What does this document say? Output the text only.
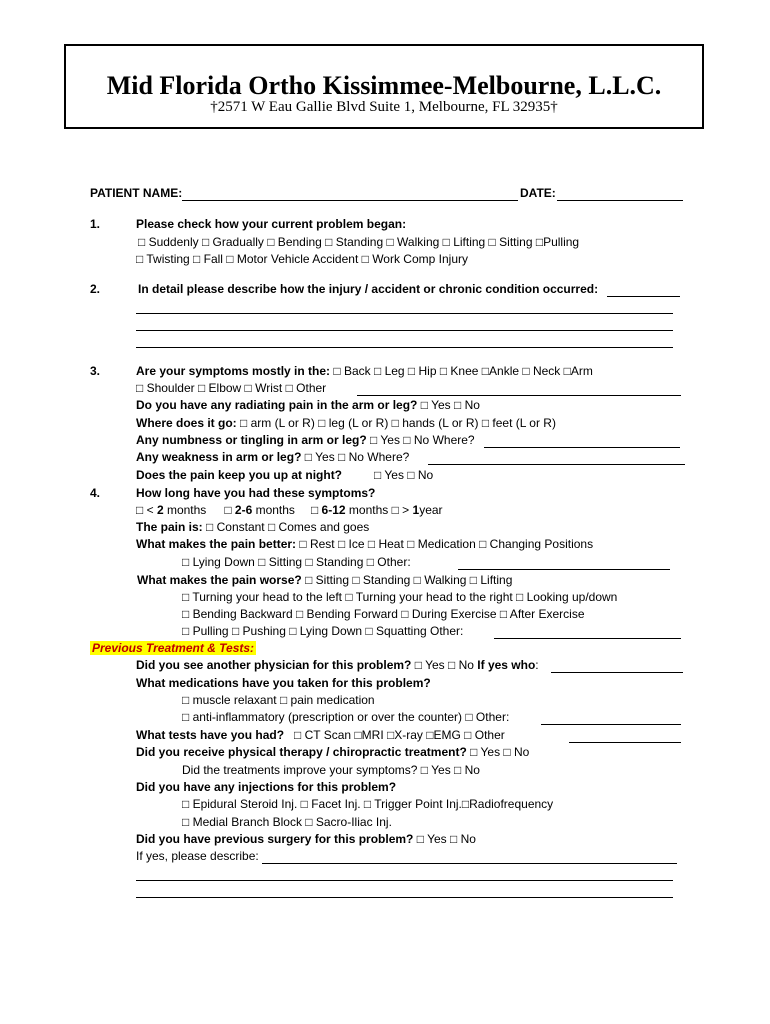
Mid Florida Ortho Kissimmee-Melbourne, L.L.C.
†2571 W Eau Gallie Blvd Suite 1, Melbourne, FL 32935†
PATIENT NAME:	DATE:
1.	Please check how your current problem began:
□ Suddenly □ Gradually □ Bending □ Standing □ Walking □ Lifting □ Sitting □Pulling
□ Twisting □ Fall □ Motor Vehicle Accident □ Work Comp Injury
2.	In detail please describe how the injury / accident or chronic condition occurred:
3.	Are your symptoms mostly in the: □ Back □ Leg □ Hip □ Knee □Ankle □ Neck □Arm
□ Shoulder □ Elbow □ Wrist □ Other
Do you have any radiating pain in the arm or leg? □ Yes □ No
Where does it go: □ arm (L or R) □ leg (L or R) □ hands (L or R) □ feet (L or R)
Any numbness or tingling in arm or leg? □ Yes □ No Where?
Any weakness in arm or leg? □ Yes □ No Where?
Does the pain keep you up at night?	□ Yes □ No
4.	How long have you had these symptoms?
□ < 2 months □ 2-6 months □ 6-12 months □ > 1year
The pain is: □ Constant □ Comes and goes
What makes the pain better: □ Rest □ Ice □ Heat □ Medication □ Changing Positions
□ Lying Down □ Sitting □ Standing □ Other:
What makes the pain worse? □ Sitting □ Standing □ Walking □ Lifting
□ Turning your head to the left □ Turning your head to the right □ Looking up/down
□ Bending Backward □ Bending Forward □ During Exercise □ After Exercise
□ Pulling □ Pushing □ Lying Down □ Squatting Other:
Previous Treatment & Tests:
Did you see another physician for this problem? □ Yes □ No If yes who:
What medications have you taken for this problem?
□ muscle relaxant □ pain medication
□ anti-inflammatory (prescription or over the counter) □ Other:
What tests have you had? □ CT Scan □MRI □X-ray □EMG □ Other
Did you receive physical therapy / chiropractic treatment? □ Yes □ No
Did the treatments improve your symptoms? □ Yes □ No
Did you have any injections for this problem?
□ Epidural Steroid Inj. □ Facet Inj. □ Trigger Point Inj.□Radiofrequency
□ Medial Branch Block □ Sacro-Iliac Inj.
Did you have previous surgery for this problem? □ Yes □ No
If yes, please describe:
